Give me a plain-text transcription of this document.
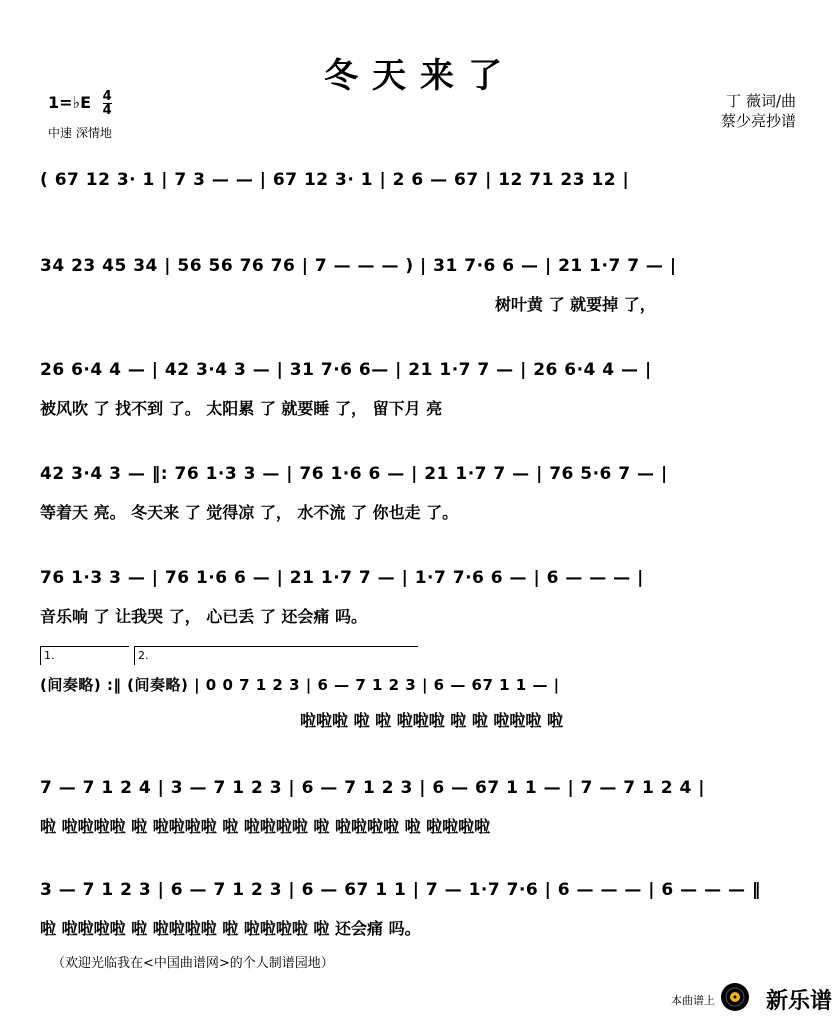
冬天来了
1=♭E $\frac{4}{4}$
中速 深情地
丁 薇词/曲
蔡少亮抄谱
( 67 12 3· 1 | 7 3 — — | 67 12 3· 1 | 2 6 — 67 | 12 71 23 12 |
34 23 45 34 | 56 56 76 76 | 7 — — — ) | 31 7·6 6 — | 21 1·7 7 — |
树叶黄 了 就要掉 了，
26 6·4 4 — | 42 3·4 3 — | 31 7·6 6— | 21 1·7 7 — | 26 6·4 4 — |
被风吹 了 找不到 了。 太阳累 了 就要睡 了， 留下月 亮
42 3·4 3 — ‖: 76 1·3 3 — | 76 1·6 6 — | 21 1·7 7 — | 76 5·6 7 — |
等着天 亮。 冬天来 了 觉得凉 了， 水不流 了 你也走 了。
76 1·3 3 — | 76 1·6 6 — | 21 1·7 7 — | 1·7 7·6 6 — | 6 — — — |
音乐响 了 让我哭 了， 心已丢 了 还会痛 吗。
1.	2.
(间奏略) :‖ (间奏略) | 0 0 7 1 2 3 | 6 — 7 1 2 3 | 6 — 67 1 1 — |
啦啦啦 啦 啦 啦啦啦 啦 啦 啦啦啦 啦
7 — 7 1 2 4 | 3 — 7 1 2 3 | 6 — 7 1 2 3 | 6 — 67 1 1 — | 7 — 7 1 2 4 |
啦 啦啦啦啦 啦 啦啦啦啦 啦 啦啦啦啦 啦 啦啦啦啦 啦 啦啦啦啦
3 — 7 1 2 3 | 6 — 7 1 2 3 | 6 — 67 1 1 | 7 — 1·7 7·6 | 6 — — — | 6 — — — ‖
啦 啦啦啦啦 啦 啦啦啦啦 啦 啦啦啦啦 啦 还会痛 吗。
（欢迎光临我在<中国曲谱网>的个人制谱园地）
本曲谱上 新乐谱
